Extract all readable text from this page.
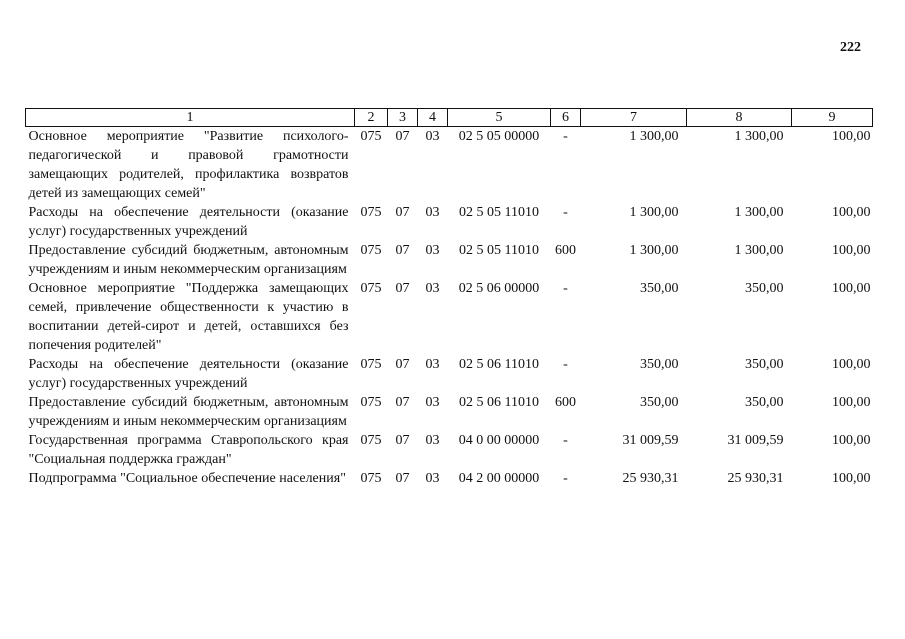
222
1	2	3	4	5	6	7	8	9
Основное мероприятие "Развитие психолого-педагогической и правовой грамотности замещающих родителей, профилактика возвратов детей из замещающих семей"	075	07	03	02 5 05 00000	-	1 300,00	1 300,00	100,00
Расходы на обеспечение деятельности (оказание услуг) государственных учреждений	075	07	03	02 5 05 11010	-	1 300,00	1 300,00	100,00
Предоставление субсидий бюджетным, автономным учреждениям и иным некоммерческим организациям	075	07	03	02 5 05 11010	600	1 300,00	1 300,00	100,00
Основное мероприятие "Поддержка замещающих семей, привлечение общественности к участию в воспитании детей-сирот и детей, оставшихся без попечения родителей"	075	07	03	02 5 06 00000	-	350,00	350,00	100,00
Расходы на обеспечение деятельности (оказание услуг) государственных учреждений	075	07	03	02 5 06 11010	-	350,00	350,00	100,00
Предоставление субсидий бюджетным, автономным учреждениям и иным некоммерческим организациям	075	07	03	02 5 06 11010	600	350,00	350,00	100,00
Государственная программа Ставропольского края "Социальная поддержка граждан"	075	07	03	04 0 00 00000	-	31 009,59	31 009,59	100,00
Подпрограмма "Социальное обеспечение населения"	075	07	03	04 2 00 00000	-	25 930,31	25 930,31	100,00
